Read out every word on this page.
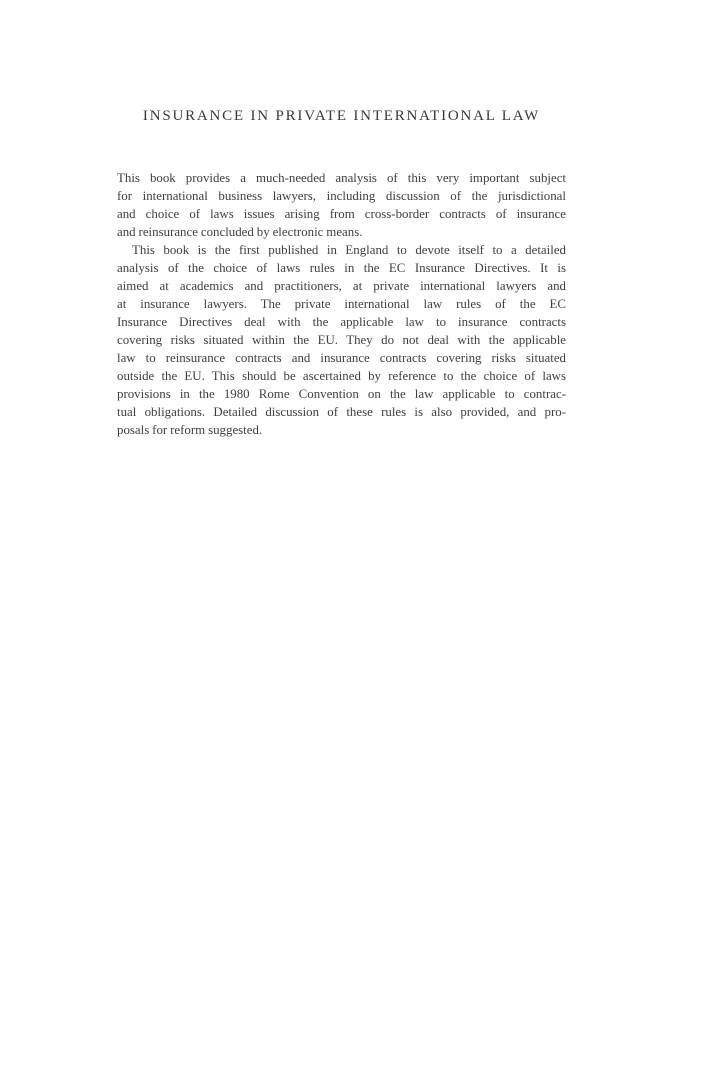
INSURANCE IN PRIVATE INTERNATIONAL LAW
This book provides a much-needed analysis of this very important subject
for international business lawyers, including discussion of the jurisdictional
and choice of laws issues arising from cross-border contracts of insurance
and reinsurance concluded by electronic means.
This book is the first published in England to devote itself to a detailed
analysis of the choice of laws rules in the EC Insurance Directives. It is
aimed at academics and practitioners, at private international lawyers and
at insurance lawyers. The private international law rules of the EC
Insurance Directives deal with the applicable law to insurance contracts
covering risks situated within the EU. They do not deal with the applicable
law to reinsurance contracts and insurance contracts covering risks situated
outside the EU. This should be ascertained by reference to the choice of laws
provisions in the 1980 Rome Convention on the law applicable to contrac-
tual obligations. Detailed discussion of these rules is also provided, and pro-
posals for reform suggested.
